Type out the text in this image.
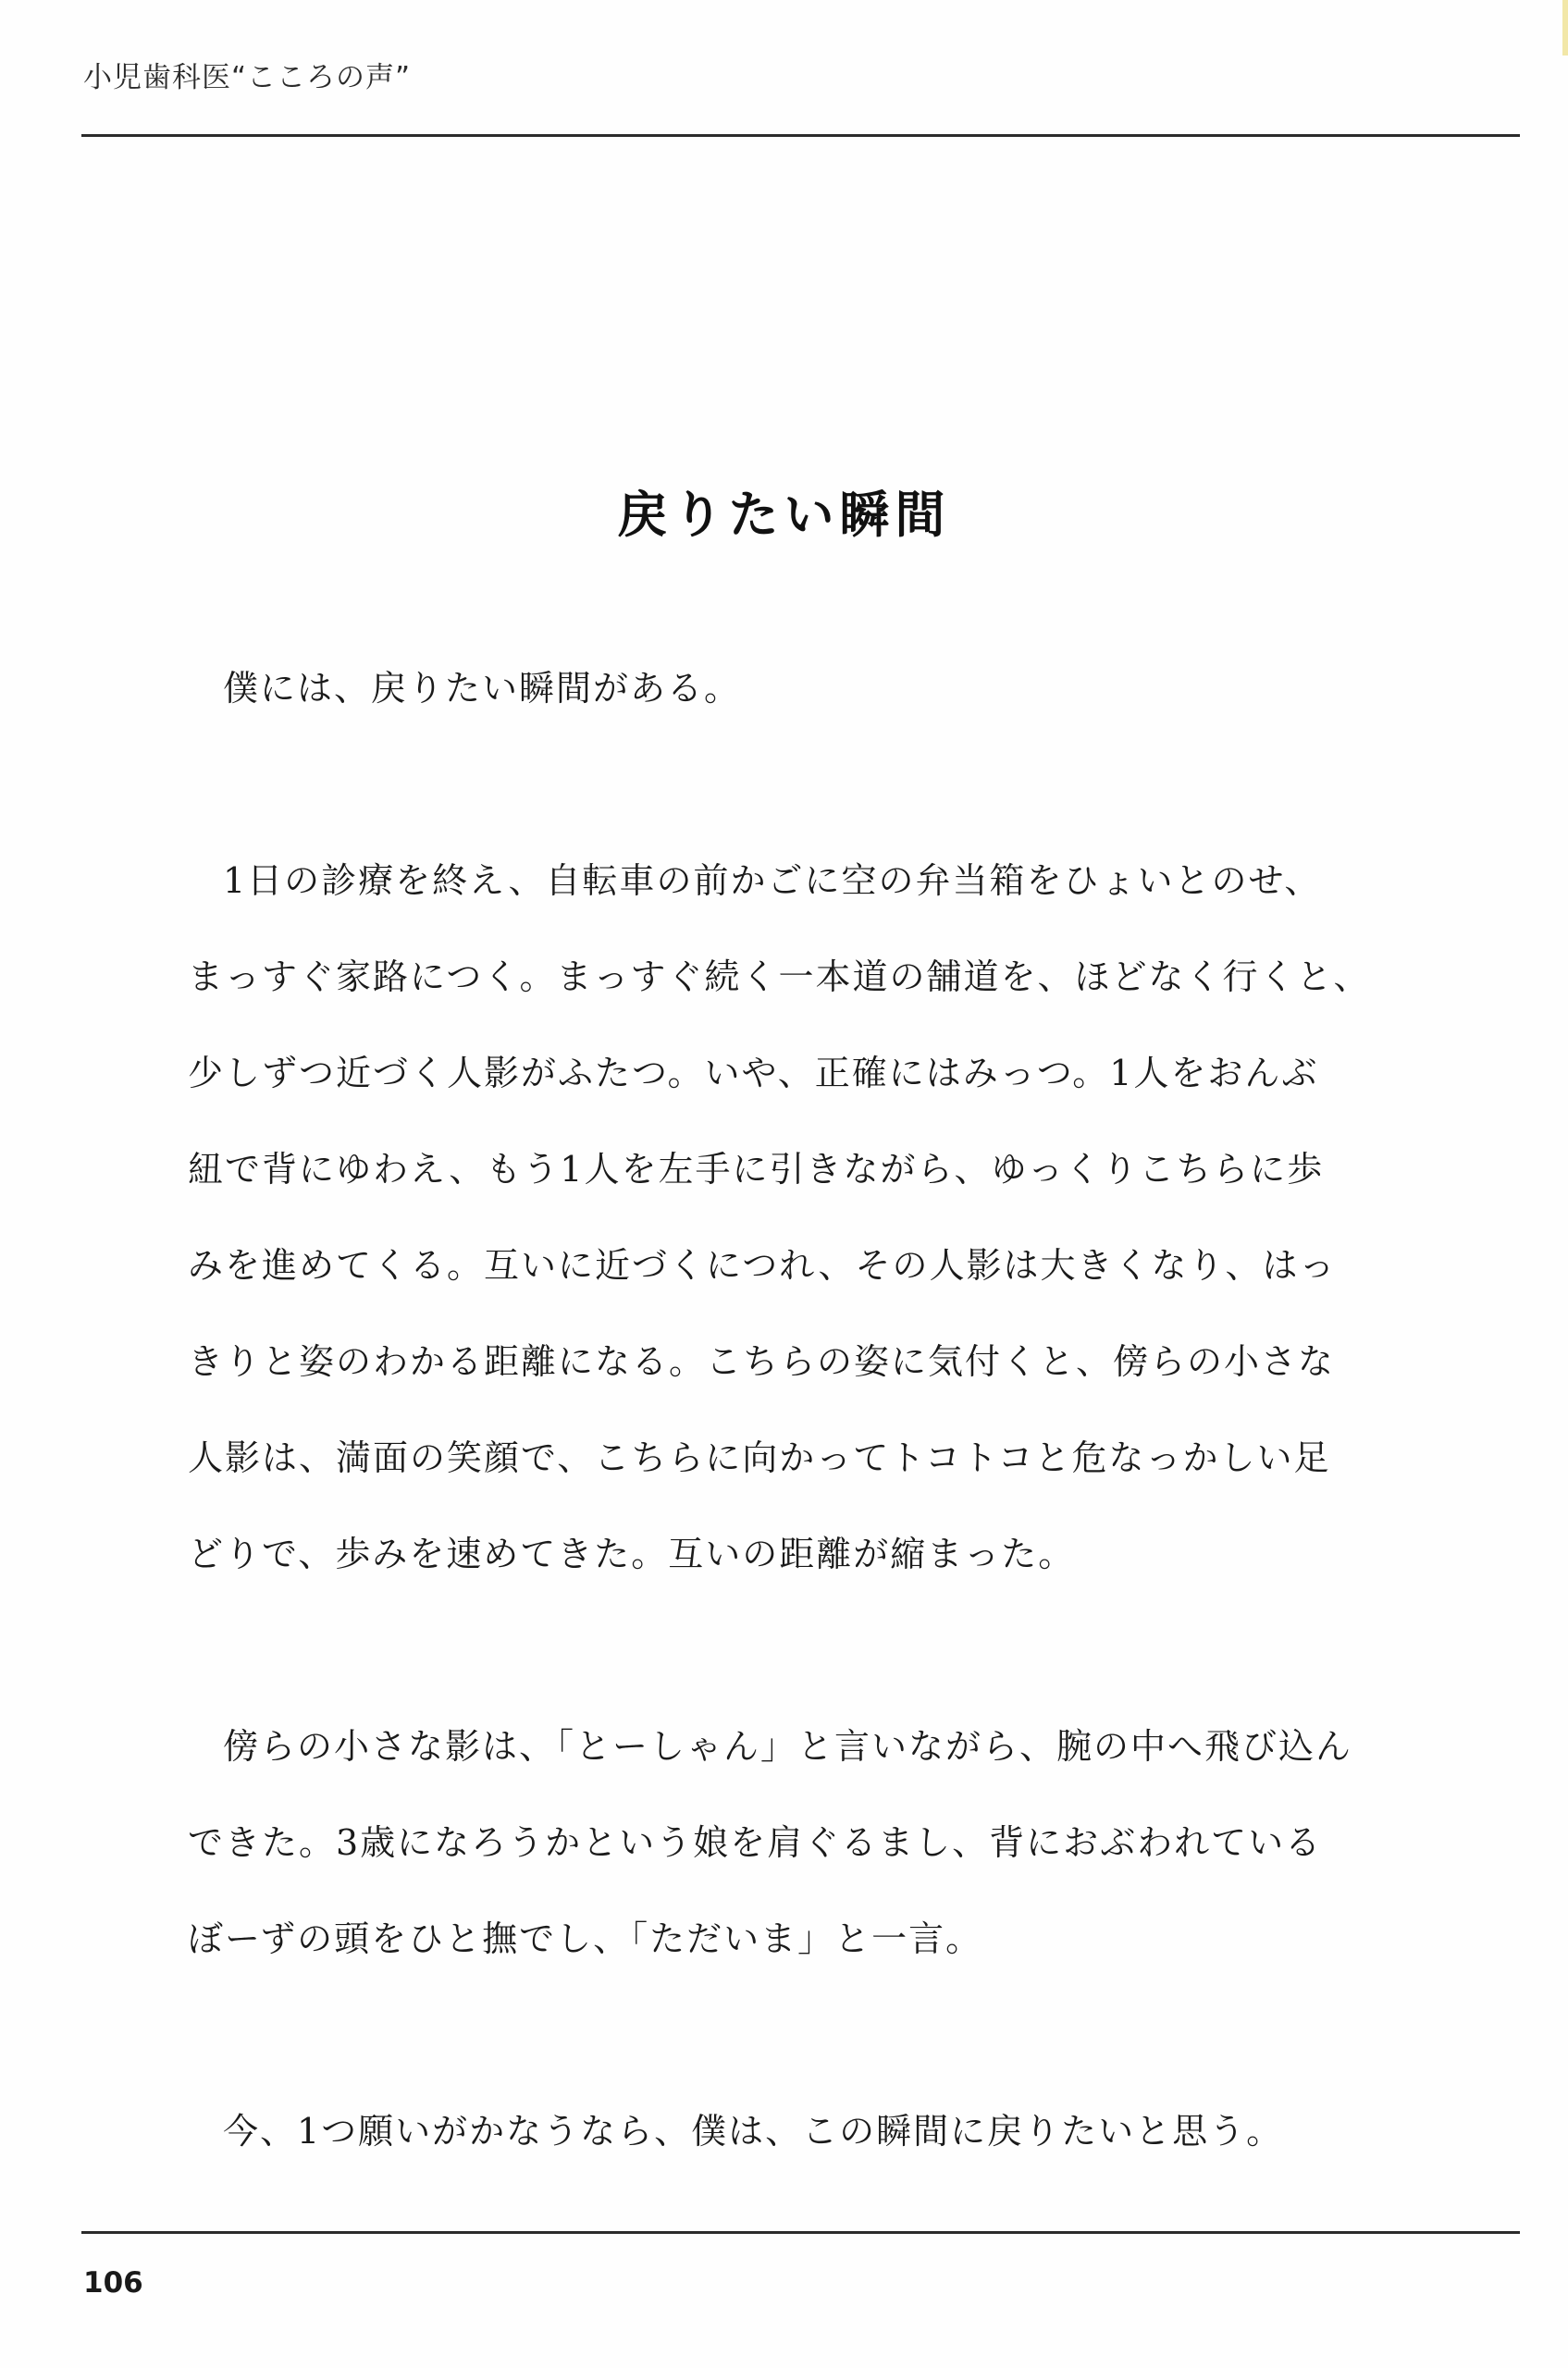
小児歯科医“こころの声”
戻りたい瞬間

僕には、戻りたい瞬間がある。

1日の診療を終え、自転車の前かごに空の弁当箱をひょいとのせ、
まっすぐ家路につく。まっすぐ続く一本道の舗道を、ほどなく行くと、
少しずつ近づく人影がふたつ。いや、正確にはみっつ。1人をおんぶ
紐で背にゆわえ、もう1人を左手に引きながら、ゆっくりこちらに歩
みを進めてくる。互いに近づくにつれ、その人影は大きくなり、はっ
きりと姿のわかる距離になる。こちらの姿に気付くと、傍らの小さな
人影は、満面の笑顔で、こちらに向かってトコトコと危なっかしい足
どりで、歩みを速めてきた。互いの距離が縮まった。

傍らの小さな影は、「とーしゃん」と言いながら、腕の中へ飛び込ん
できた。3歳になろうかという娘を肩ぐるまし、背におぶわれている
ぼーずの頭をひと撫でし、「ただいま」と一言。

今、1つ願いがかなうなら、僕は、この瞬間に戻りたいと思う。

106
